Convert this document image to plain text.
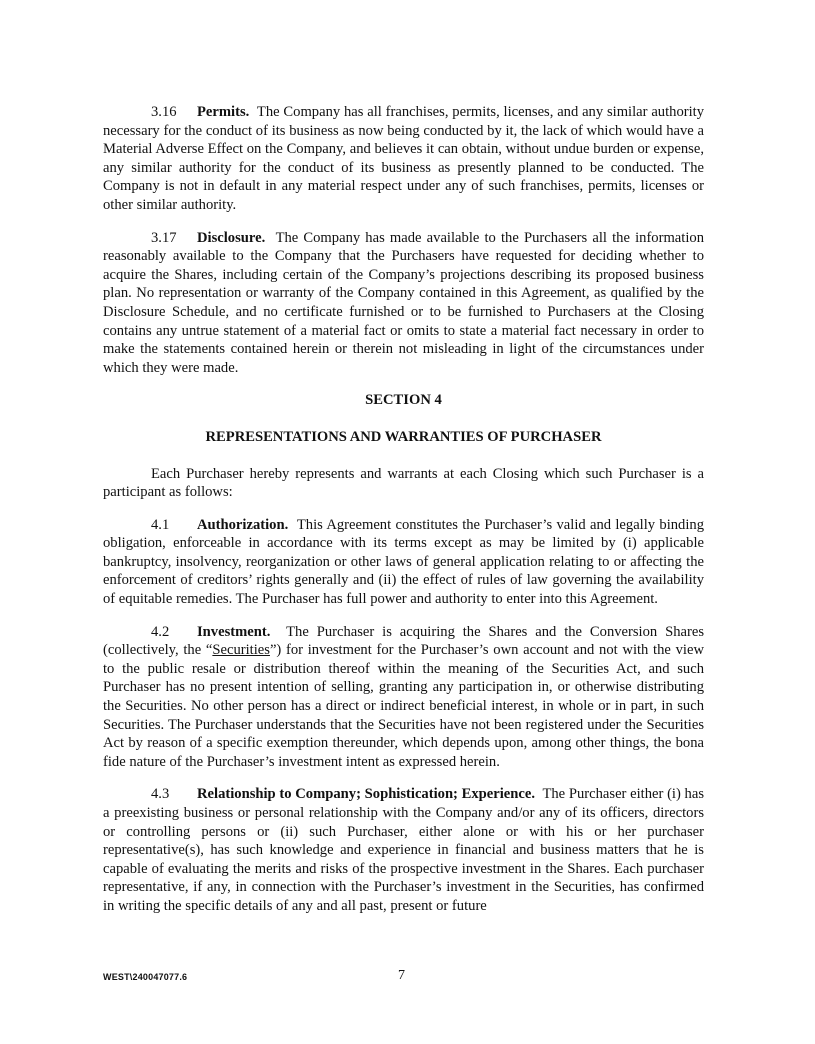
3.16 Permits. The Company has all franchises, permits, licenses, and any similar authority necessary for the conduct of its business as now being conducted by it, the lack of which would have a Material Adverse Effect on the Company, and believes it can obtain, without undue burden or expense, any similar authority for the conduct of its business as presently planned to be conducted. The Company is not in default in any material respect under any of such franchises, permits, licenses or other similar authority.

3.17 Disclosure. The Company has made available to the Purchasers all the information reasonably available to the Company that the Purchasers have requested for deciding whether to acquire the Shares, including certain of the Company’s projections describing its proposed business plan. No representation or warranty of the Company contained in this Agreement, as qualified by the Disclosure Schedule, and no certificate furnished or to be furnished to Purchasers at the Closing contains any untrue statement of a material fact or omits to state a material fact necessary in order to make the statements contained herein or therein not misleading in light of the circumstances under which they were made.

SECTION 4
REPRESENTATIONS AND WARRANTIES OF PURCHASER

Each Purchaser hereby represents and warrants at each Closing which such Purchaser is a participant as follows:

4.1 Authorization. This Agreement constitutes the Purchaser’s valid and legally binding obligation, enforceable in accordance with its terms except as may be limited by (i) applicable bankruptcy, insolvency, reorganization or other laws of general application relating to or affecting the enforcement of creditors’ rights generally and (ii) the effect of rules of law governing the availability of equitable remedies. The Purchaser has full power and authority to enter into this Agreement.

4.2 Investment. The Purchaser is acquiring the Shares and the Conversion Shares (collectively, the “Securities”) for investment for the Purchaser’s own account and not with the view to the public resale or distribution thereof within the meaning of the Securities Act, and such Purchaser has no present intention of selling, granting any participation in, or otherwise distributing the Securities. No other person has a direct or indirect beneficial interest, in whole or in part, in such Securities. The Purchaser understands that the Securities have not been registered under the Securities Act by reason of a specific exemption thereunder, which depends upon, among other things, the bona fide nature of the Purchaser’s investment intent as expressed herein.

4.3 Relationship to Company; Sophistication; Experience. The Purchaser either (i) has a preexisting business or personal relationship with the Company and/or any of its officers, directors or controlling persons or (ii) such Purchaser, either alone or with his or her purchaser representative(s), has such knowledge and experience in financial and business matters that he is capable of evaluating the merits and risks of the prospective investment in the Shares. Each purchaser representative, if any, in connection with the Purchaser’s investment in the Securities, has confirmed in writing the specific details of any and all past, present or future

WEST\240047077.6	7
